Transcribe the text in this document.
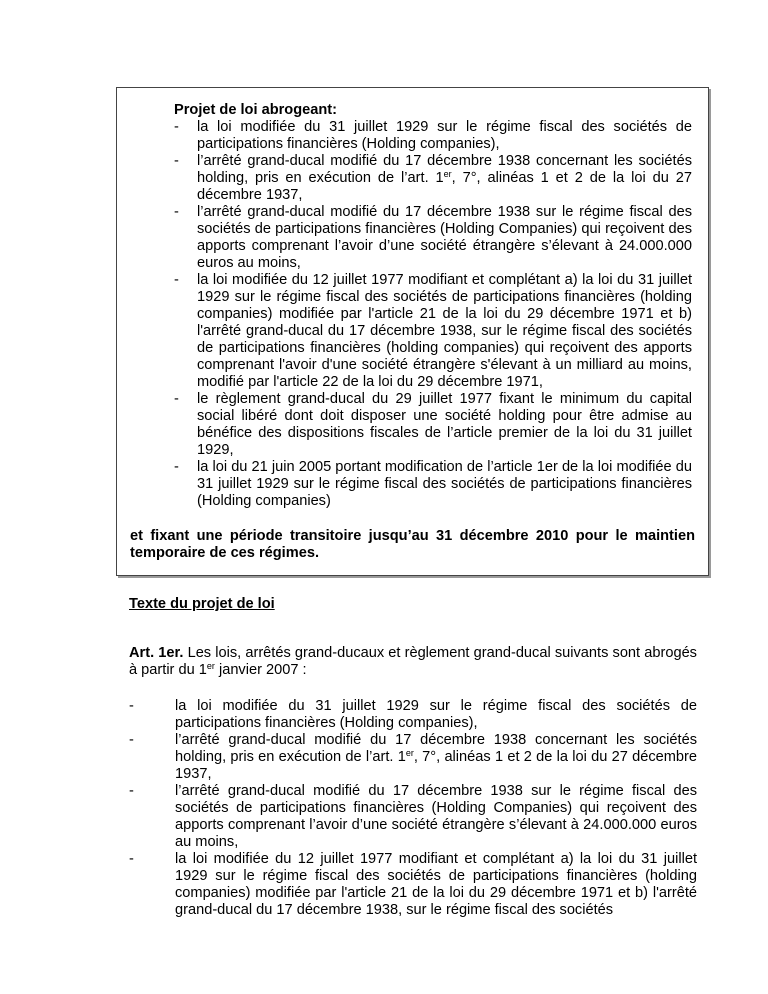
Projet de loi abrogeant:
- la loi modifiée du 31 juillet 1929 sur le régime fiscal des sociétés de participations financières (Holding companies),
- l’arrêté grand-ducal modifié du 17 décembre 1938 concernant les sociétés holding, pris en exécution de l’art. 1er, 7°, alinéas 1 et 2 de la loi du 27 décembre 1937,
- l’arrêté grand-ducal modifié du 17 décembre 1938 sur le régime fiscal des sociétés de participations financières (Holding Companies) qui reçoivent des apports comprenant l’avoir d’une société étrangère s’élevant à 24.000.000 euros au moins,
- la loi modifiée du 12 juillet 1977 modifiant et complétant a) la loi du 31 juillet 1929 sur le régime fiscal des sociétés de participations financières (holding companies) modifiée par l'article 21 de la loi du 29 décembre 1971 et b) l'arrêté grand-ducal du 17 décembre 1938, sur le régime fiscal des sociétés de participations financières (holding companies) qui reçoivent des apports comprenant l'avoir d'une société étrangère s'élevant à un milliard au moins, modifié par l'article 22 de la loi du 29 décembre 1971,
- le règlement grand-ducal du 29 juillet 1977 fixant le minimum du capital social libéré dont doit disposer une société holding pour être admise au bénéfice des dispositions fiscales de l’article premier de la loi du 31 juillet 1929,
- la loi du 21 juin 2005 portant modification de l’article 1er de la loi modifiée du 31 juillet 1929 sur le régime fiscal des sociétés de participations financières (Holding companies)
et fixant une période transitoire jusqu’au 31 décembre 2010 pour le maintien temporaire de ces régimes.
Texte du projet de loi
Art. 1er. Les lois, arrêtés grand-ducaux et règlement grand-ducal suivants sont abrogés à partir du 1er janvier 2007 :
-	la loi modifiée du 31 juillet 1929 sur le régime fiscal des sociétés de participations financières (Holding companies),
-	l’arrêté grand-ducal modifié du 17 décembre 1938 concernant les sociétés holding, pris en exécution de l’art. 1er, 7°, alinéas 1 et 2 de la loi du 27 décembre 1937,
-	l’arrêté grand-ducal modifié du 17 décembre 1938 sur le régime fiscal des sociétés de participations financières (Holding Companies) qui reçoivent des apports comprenant l’avoir d’une société étrangère s’élevant à 24.000.000 euros au moins,
-	la loi modifiée du 12 juillet 1977 modifiant et complétant a) la loi du 31 juillet 1929 sur le régime fiscal des sociétés de participations financières (holding companies) modifiée par l'article 21 de la loi du 29 décembre 1971 et b) l'arrêté grand-ducal du 17 décembre 1938, sur le régime fiscal des sociétés
